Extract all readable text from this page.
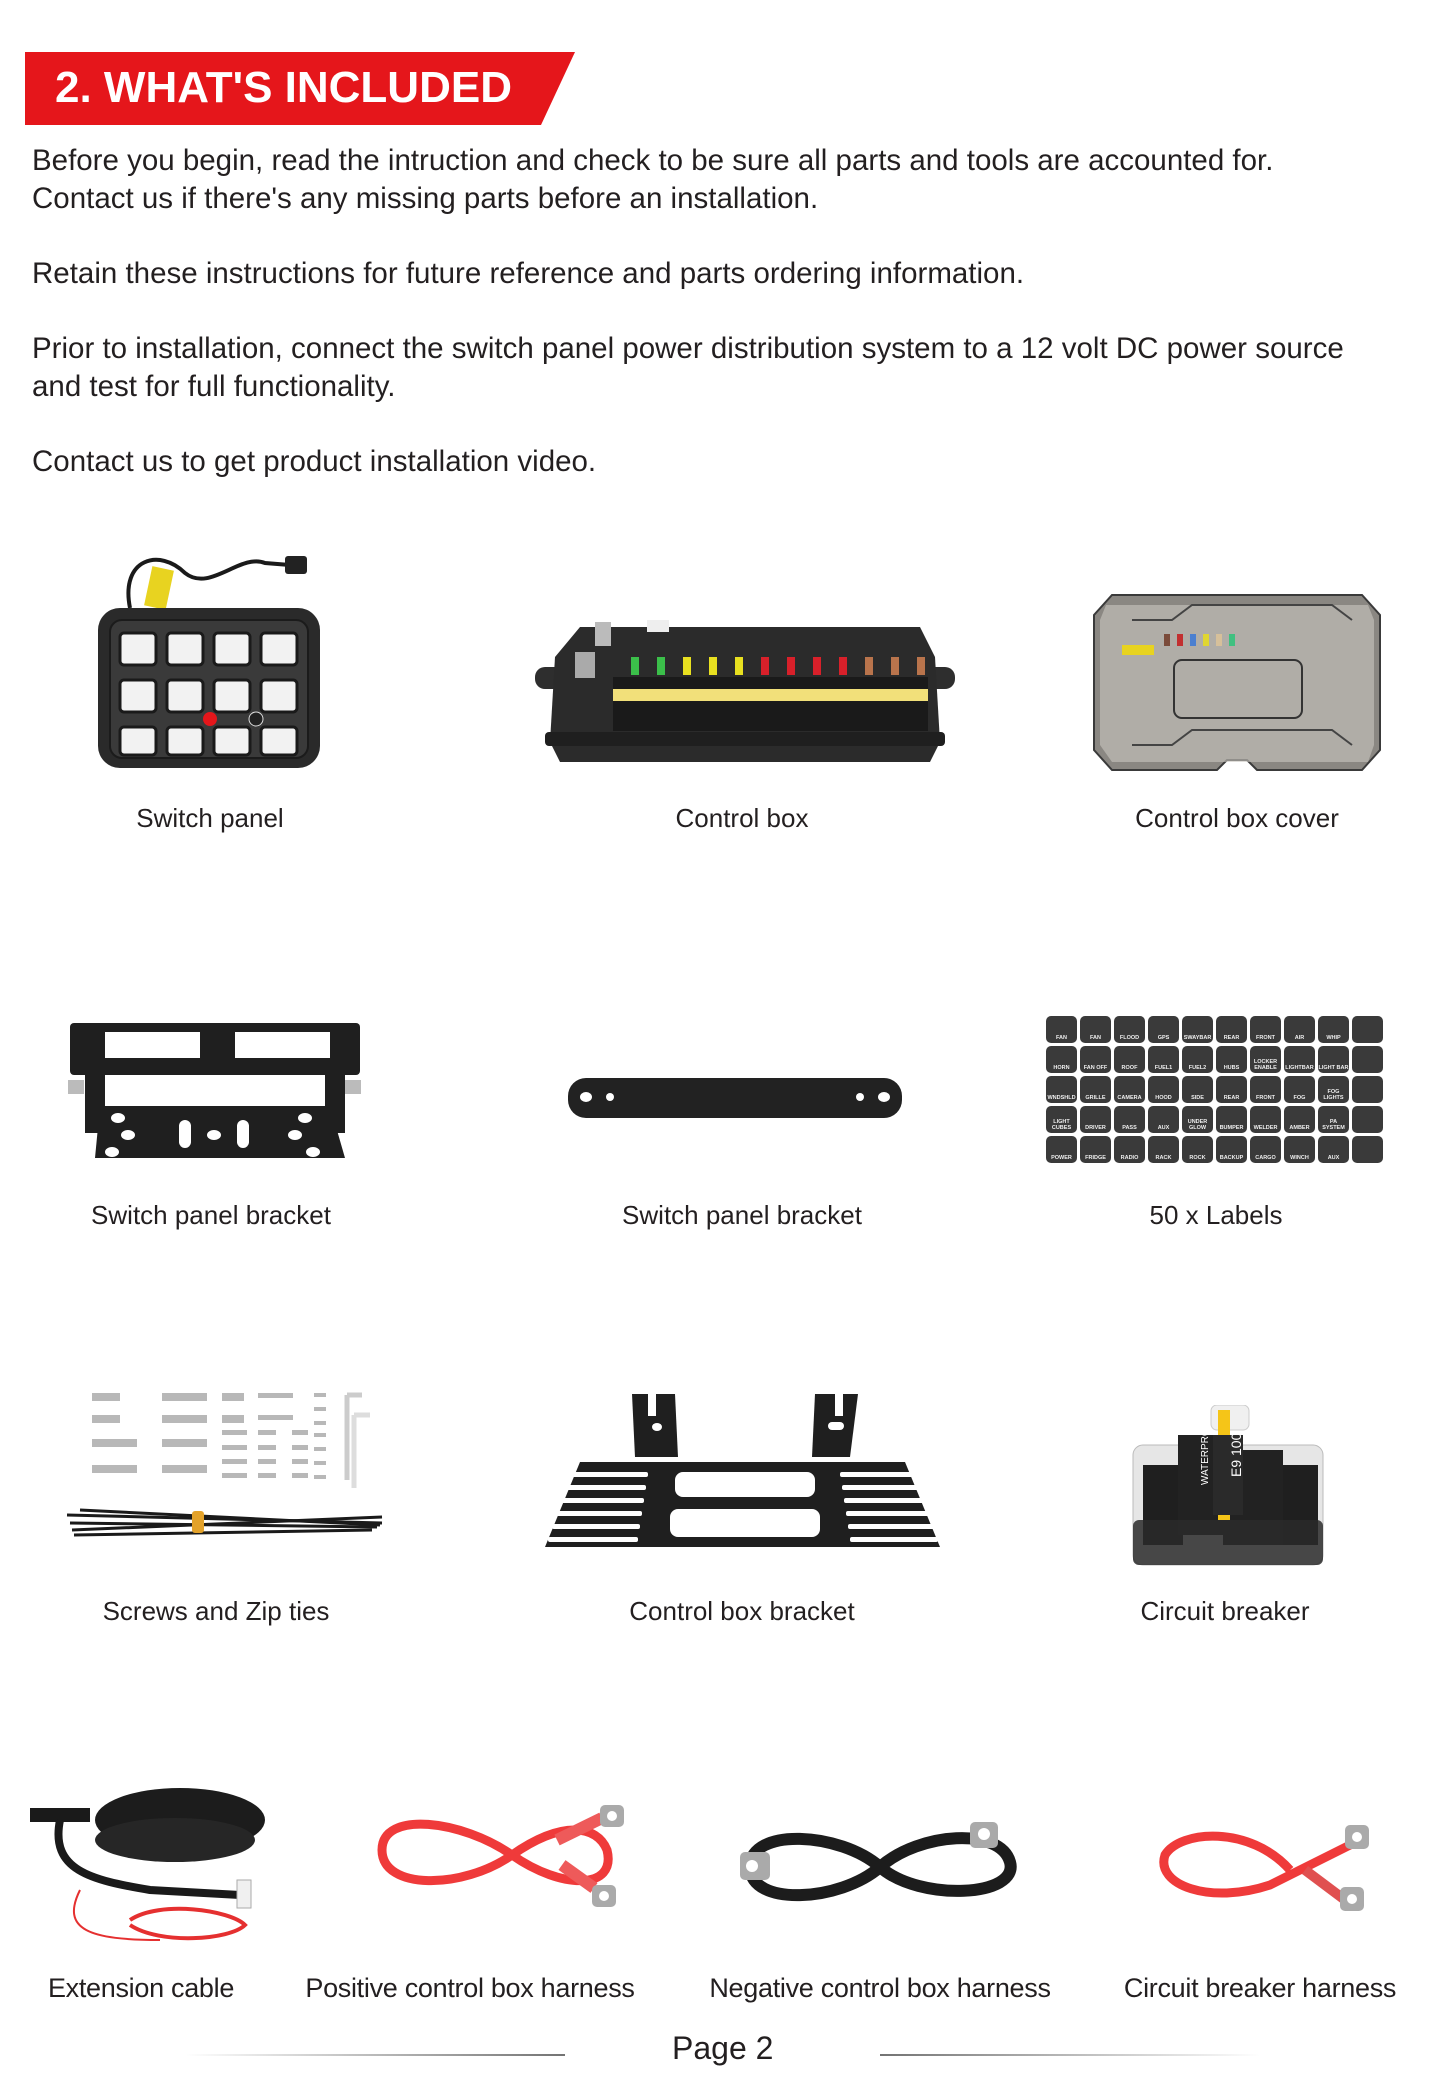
2. WHAT'S INCLUDED

Before you begin, read the intruction and check to be sure all parts and tools are accounted for.

Contact us if there's any missing parts before an installation.

Retain these instructions for future reference and parts ordering information.

Prior to installation, connect the switch panel power distribution system to a 12 volt DC power source

and test for full functionality.

Contact us to get product installation video.

Switch panel	Control box	Control box cover
Switch panel bracket	Switch panel bracket
FAN	FAN	FLOOD	GPS	SWAYBAR	REAR	FRONT	AIR	WHIP
HORN	FAN OFF	ROOF	FUEL1	FUEL2	HUBS
LOCKER ENABLE	LIGHTBAR LIGHT BAR
WNDSHLD	GRILLE	CAMERA	HOOD	SIDE	REAR	FRONT	FOG
FOG LIGHTS
LIGHT CUBES	DRIVER	PASS	AUX
UNDER GLOW	BUMPER	WELDER	AMBER
PA SYSTEM
POWER	FRIDGE	RADIO	RACK	ROCK	BACKUP	CARGO	WINCH	AUX
50 x Labels
Screws and Zip ties	Control box bracket
E9 100
WATERPROOF
Circuit breaker
Extension cable	Positive control box harness	Negative control box harness	Circuit breaker harness
Page 2
